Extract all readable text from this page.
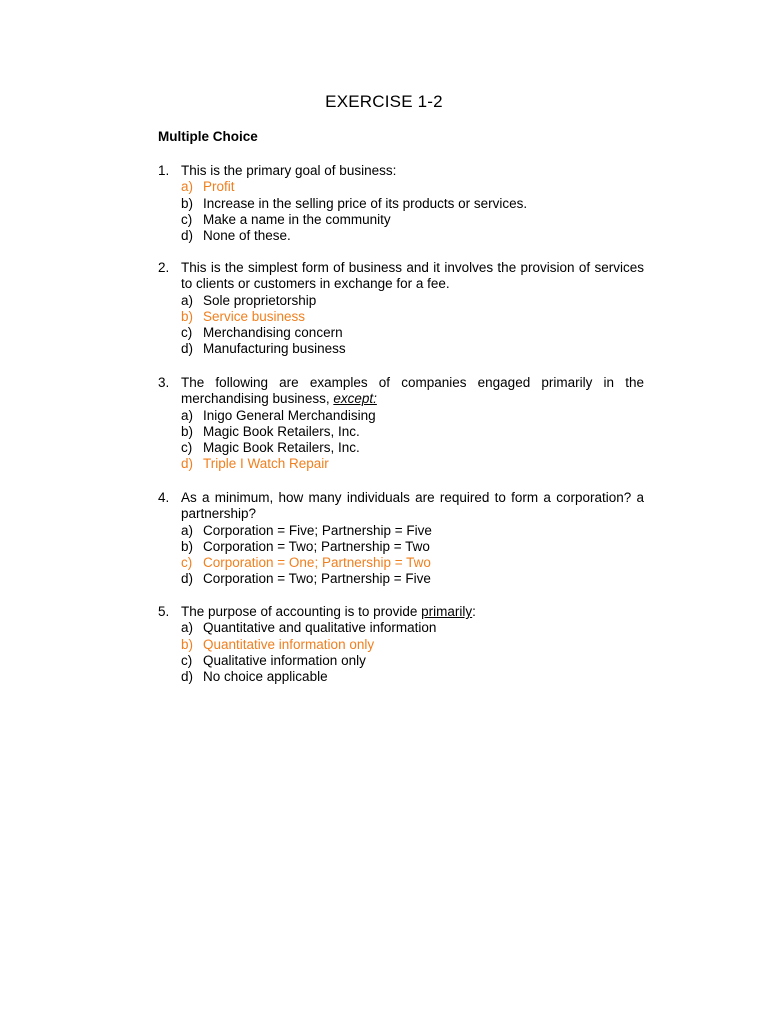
EXERCISE 1-2
Multiple Choice
1. This is the primary goal of business:
a) Profit
b) Increase in the selling price of its products or services.
c) Make a name in the community
d) None of these.
2. This is the simplest form of business and it involves the provision of services to clients or customers in exchange for a fee.
a) Sole proprietorship
b) Service business
c) Merchandising concern
d) Manufacturing business
3. The following are examples of companies engaged primarily in the merchandising business, except:
a) Inigo General Merchandising
b) Magic Book Retailers, Inc.
c) Magic Book Retailers, Inc.
d) Triple I Watch Repair
4. As a minimum, how many individuals are required to form a corporation? a partnership?
a) Corporation = Five; Partnership = Five
b) Corporation = Two; Partnership = Two
c) Corporation = One; Partnership = Two
d) Corporation = Two; Partnership = Five
5. The purpose of accounting is to provide primarily:
a) Quantitative and qualitative information
b) Quantitative information only
c) Qualitative information only
d) No choice applicable
